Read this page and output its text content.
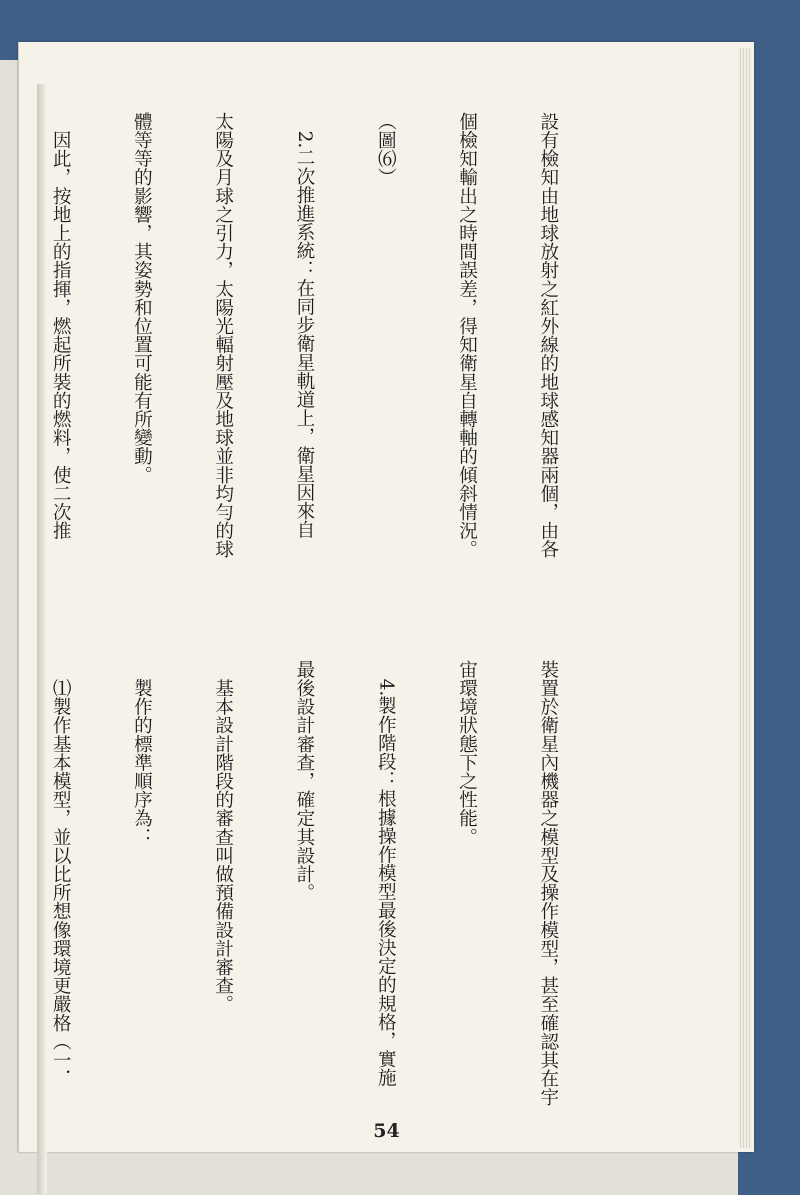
設有檢知由地球放射之紅外線的地球感知器兩個，由各

個檢知輸出之時間誤差，得知衛星自轉軸的傾斜情況。

（圖⑹）

　2.二次推進系統：在同步衛星軌道上，衛星因來自

太陽及月球之引力，太陽光輻射壓及地球並非均勻的球

體等等的影響，其姿勢和位置可能有所變動。

　因此，按地上的指揮，燃起所裝的燃料，使二次推

裝置於衛星內機器之模型及操作模型，甚至確認其在宇

宙環境狀態下之性能。

　4.製作階段：根據操作模型最後決定的規格，實施

最後設計審查，確定其設計。

　基本設計階段的審查叫做預備設計審查。

　製作的標準順序為：

　⑴製作基本模型，並以比所想像環境更嚴格（一．

54
